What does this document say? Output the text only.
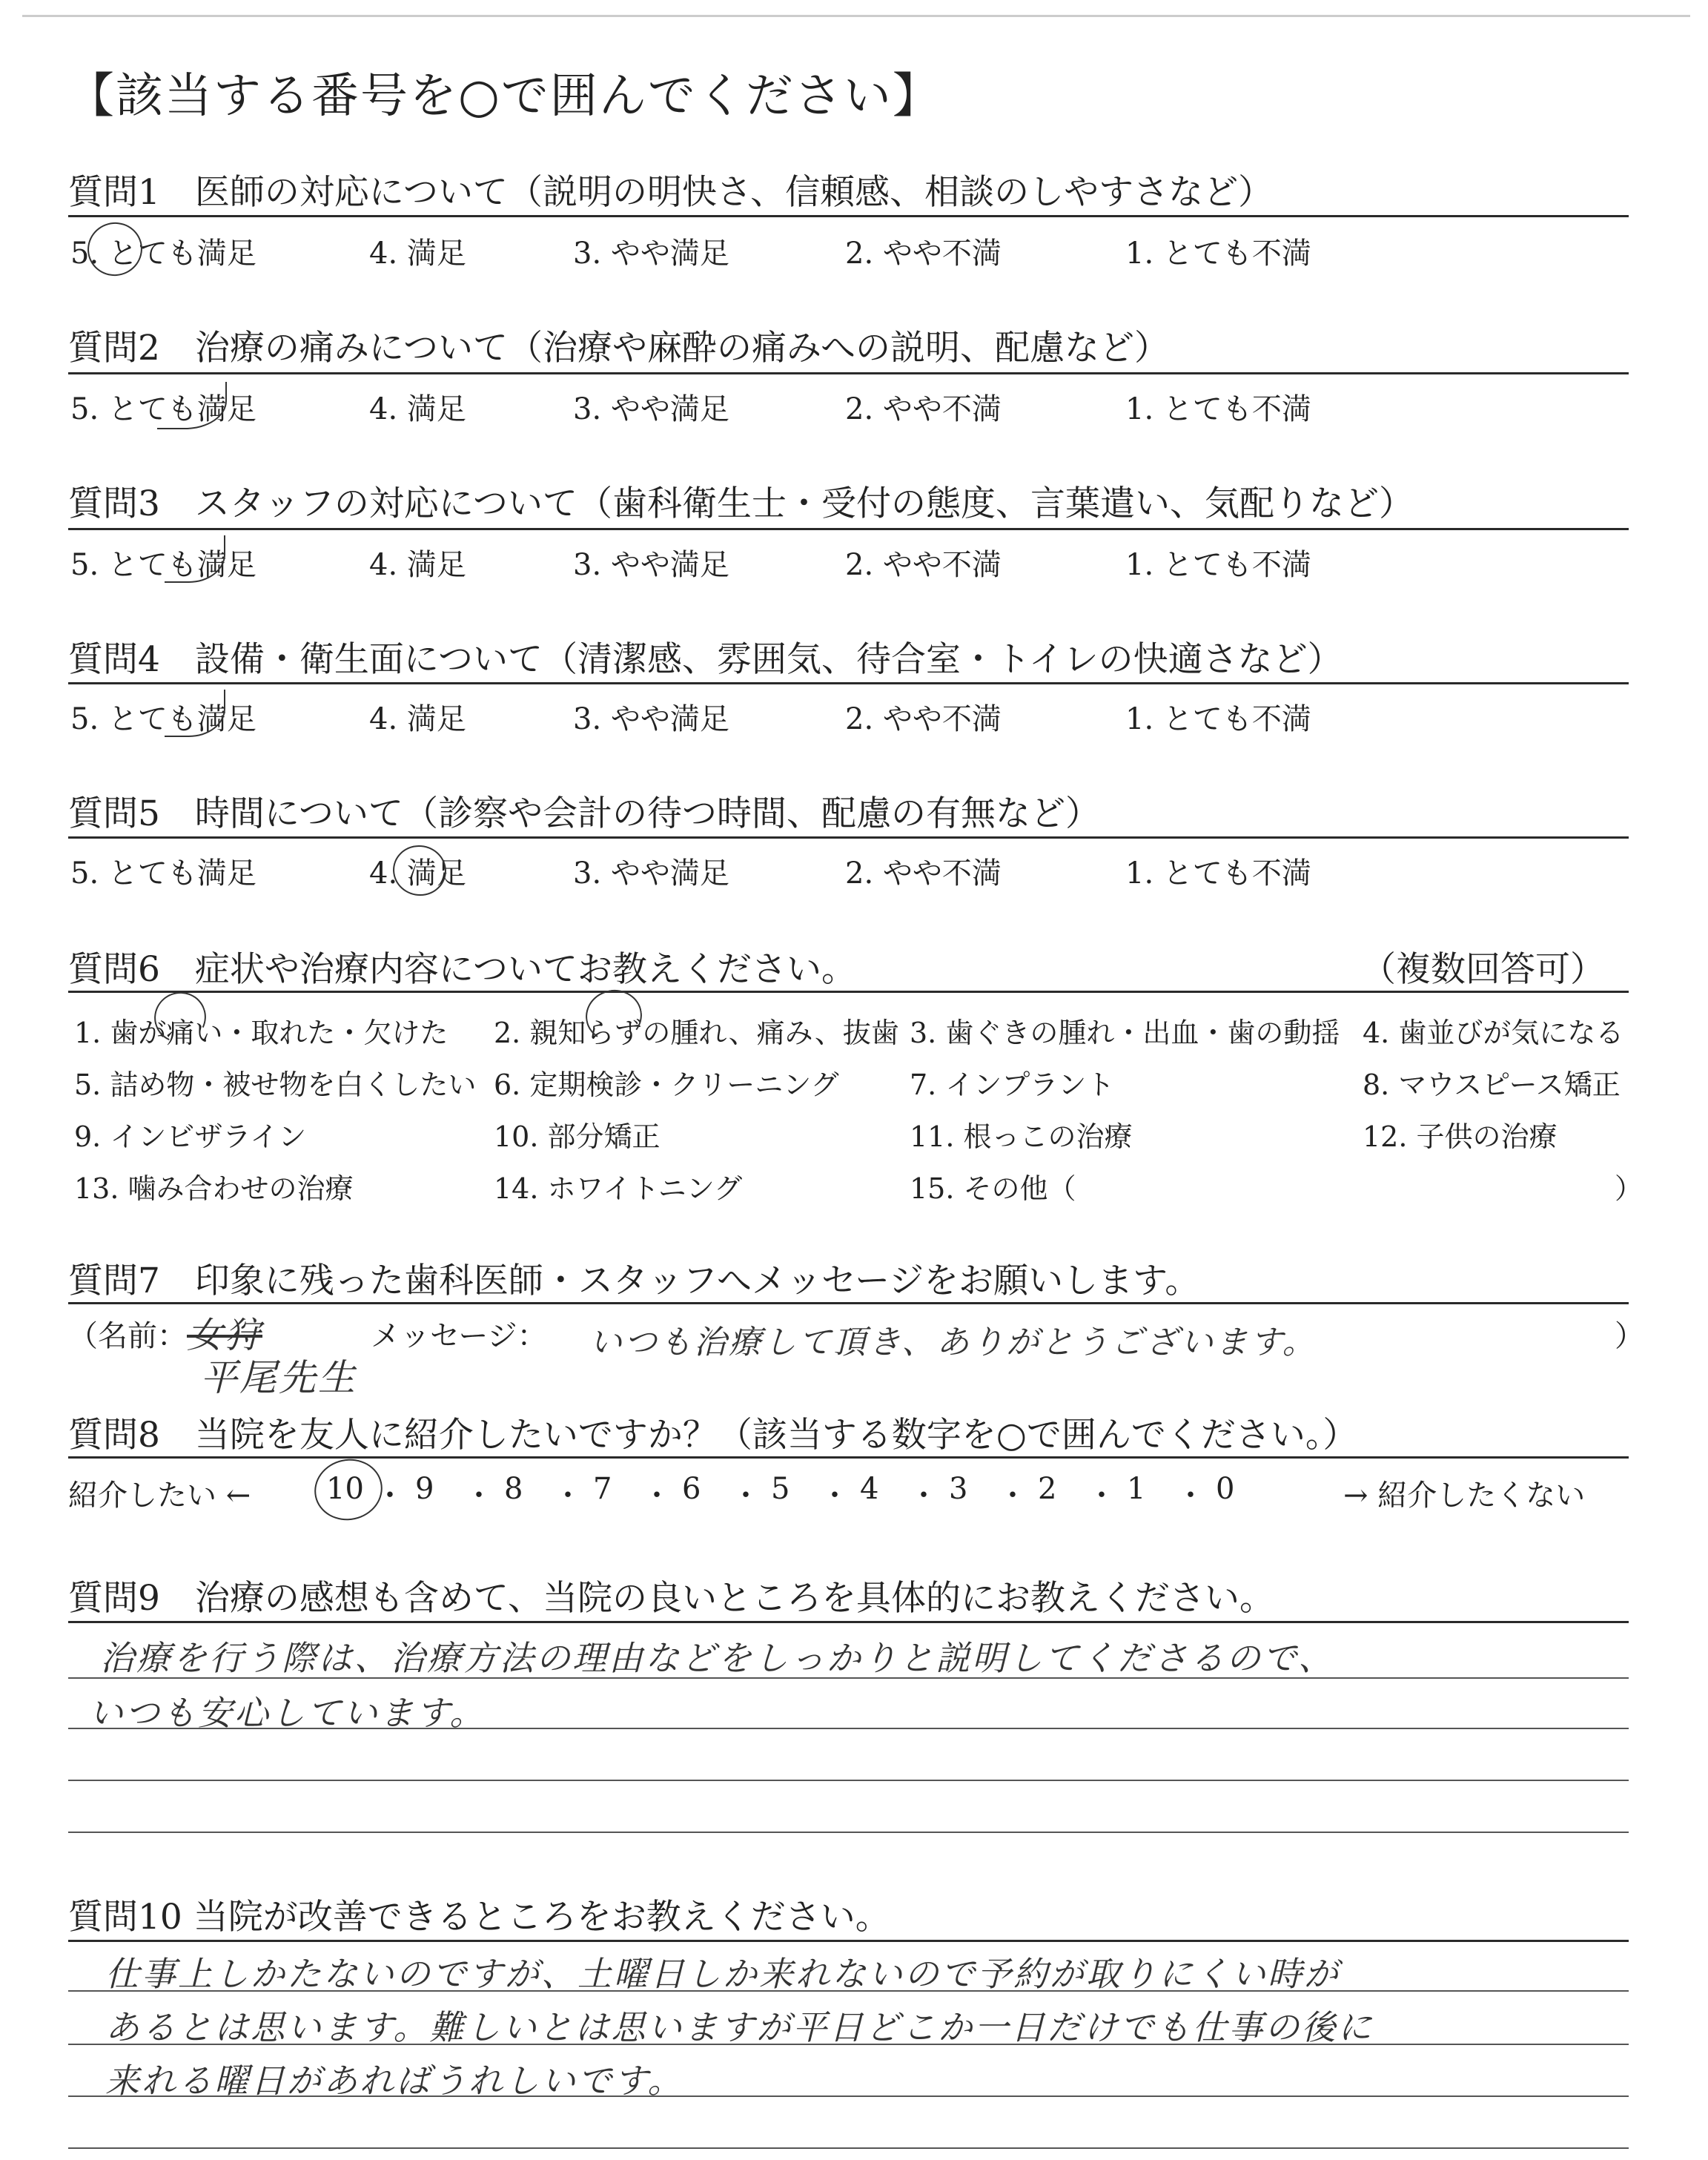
【該当する番号を○で囲んでください】
質問1　医師の対応について（説明の明快さ、信頼感、相談のしやすさなど）
5. とても満足	4. 満足	3. やや満足	2. やや不満	1. とても不満
質問2　治療の痛みについて（治療や麻酔の痛みへの説明、配慮など）
5. とても満足	4. 満足	3. やや満足	2. やや不満	1. とても不満
質問3　スタッフの対応について（歯科衛生士・受付の態度、言葉遣い、気配りなど）
5. とても満足	4. 満足	3. やや満足	2. やや不満	1. とても不満
質問4　設備・衛生面について（清潔感、雰囲気、待合室・トイレの快適さなど）
5. とても満足	4. 満足	3. やや満足	2. やや不満	1. とても不満
質問5　時間について（診察や会計の待つ時間、配慮の有無など）
5. とても満足	4. 満足	3. やや満足	2. やや不満	1. とても不満
質問6　症状や治療内容についてお教えください。	（複数回答可）
1. 歯が痛い・取れた・欠けた 2. 親知らずの腫れ、痛み、抜歯 3. 歯ぐきの腫れ・出血・歯の動揺 4. 歯並びが気になる
5. 詰め物・被せ物を白くしたい 6. 定期検診・クリーニング	7. インプラント	8. マウスピース矯正
9. インビザライン	10. 部分矯正	11. 根っこの治療	12. 子供の治療
13. 噛み合わせの治療	14. ホワイトニング	15. その他（	）
質問7　印象に残った歯科医師・スタッフへメッセージをお願いします。
（名前： 女狩
平尾先生
メッセージ： いつも治療して頂き、ありがとうございます。	）
質問8　当院を友人に紹介したいですか？（該当する数字を○で囲んでください。）
紹介したい ←	10 ・ 9 ・ 8 ・ 7 ・ 6 ・ 5 ・ 4 ・ 3 ・ 2 ・ 1 ・ 0	→ 紹介したくない
質問9　治療の感想も含めて、当院の良いところを具体的にお教えください。
治療を行う際は、治療方法の理由などをしっかりと説明してくださるので、
いつも安心しています。
質問10 当院が改善できるところをお教えください。
仕事上しかたないのですが、土曜日しか来れないので予約が取りにくい時が
あるとは思います。難しいとは思いますが平日どこか一日だけでも仕事の後に
来れる曜日があればうれしいです。
